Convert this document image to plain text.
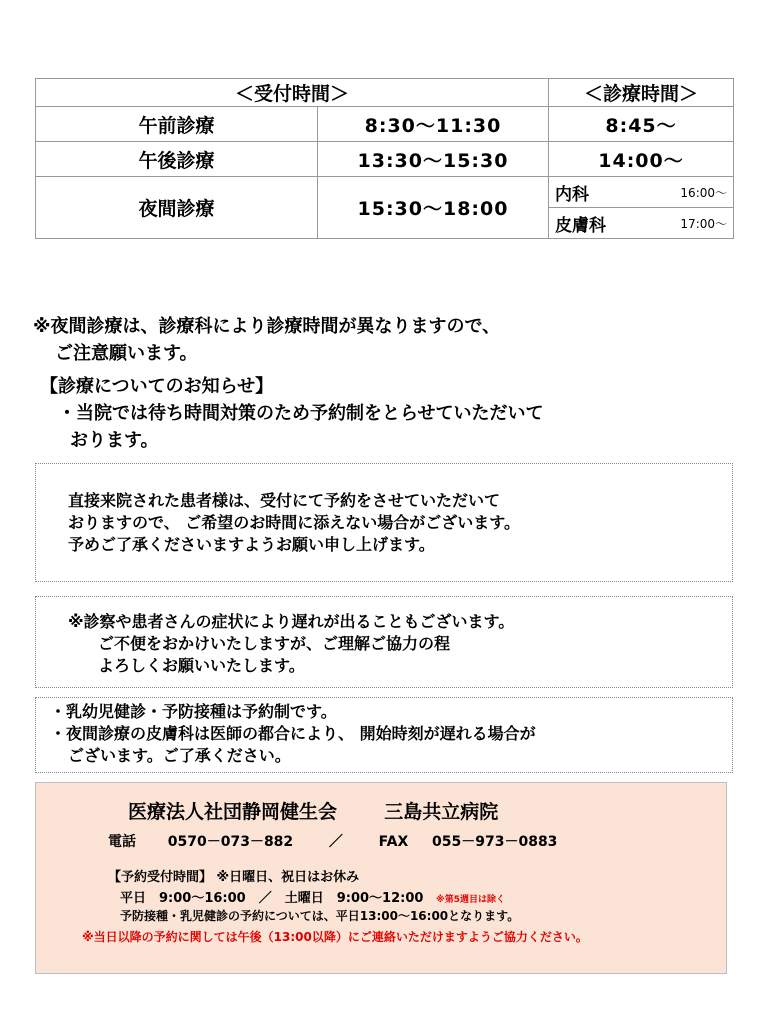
＜受付時間＞		＜診療時間＞
午前診療	8:30～11:30	8:45～
午後診療	13:30～15:30	14:00～
夜間診療	15:30～18:00	内科 16:00～

		皮膚科 17:00～
※夜間診療は、診療科により診療時間が異なりますので、
ご注意願います。
【診療についてのお知らせ】
・当院では待ち時間対策のため予約制をとらせていただいて
おります。
直接来院された患者様は、受付にて予約をさせていただいて
おりますので、 ご希望のお時間に添えない場合がございます。
予めご了承くださいますようお願い申し上げます。
※診察や患者さんの症状により遅れが出ることもございます。
ご不便をおかけいたしますが、ご理解ご協力の程
よろしくお願いいたします。
・乳幼児健診・予防接種は予約制です。
・夜間診療の皮膚科は医師の都合により、 開始時刻が遅れる場合が
ございます。ご了承ください。
医療法人社団静岡健生会 三島共立病院
電話 0570－073－882	／	FAX 055－973－0883
【予約受付時間】 ※日曜日、祝日はお休み
平日　9:00～16:00　／　土曜日　9:00～12:00 ※第5週目は除く
予防接種・乳児健診の予約については、平日13:00～16:00となります。
※当日以降の予約に関しては午後（13:00以降）にご連絡いただけますようご協力ください。
